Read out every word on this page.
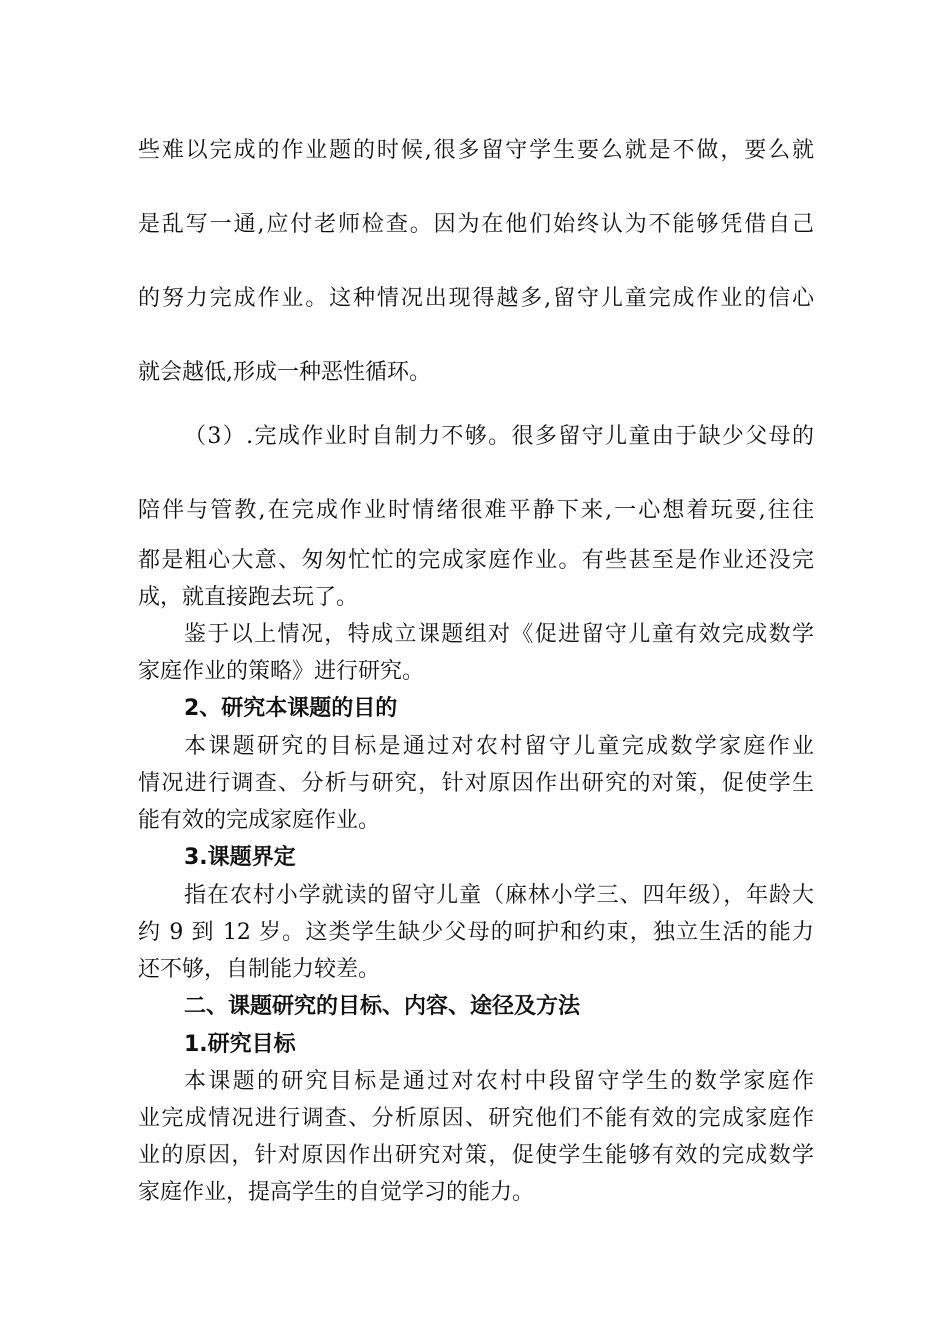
些难以完成的作业题的时候,很多留守学生要么就是不做，要么就
是乱写一通,应付老师检查。因为在他们始终认为不能够凭借自己
的努力完成作业。这种情况出现得越多,留守儿童完成作业的信心
就会越低,形成一种恶性循环。
（3）.完成作业时自制力不够。很多留守儿童由于缺少父母的
陪伴与管教,在完成作业时情绪很难平静下来,一心想着玩耍,往往
都是粗心大意、匆匆忙忙的完成家庭作业。有些甚至是作业还没完
成，就直接跑去玩了。
鉴于以上情况，特成立课题组对《促进留守儿童有效完成数学
家庭作业的策略》进行研究。
2、研究本课题的目的
本课题研究的目标是通过对农村留守儿童完成数学家庭作业
情况进行调查、分析与研究，针对原因作出研究的对策，促使学生
能有效的完成家庭作业。
3.课题界定
指在农村小学就读的留守儿童（麻林小学三、四年级），年龄大
约 9 到 12 岁。这类学生缺少父母的呵护和约束，独立生活的能力
还不够，自制能力较差。
二、课题研究的目标、内容、途径及方法
1.研究目标
本课题的研究目标是通过对农村中段留守学生的数学家庭作
业完成情况进行调查、分析原因、研究他们不能有效的完成家庭作
业的原因，针对原因作出研究对策，促使学生能够有效的完成数学
家庭作业，提高学生的自觉学习的能力。
